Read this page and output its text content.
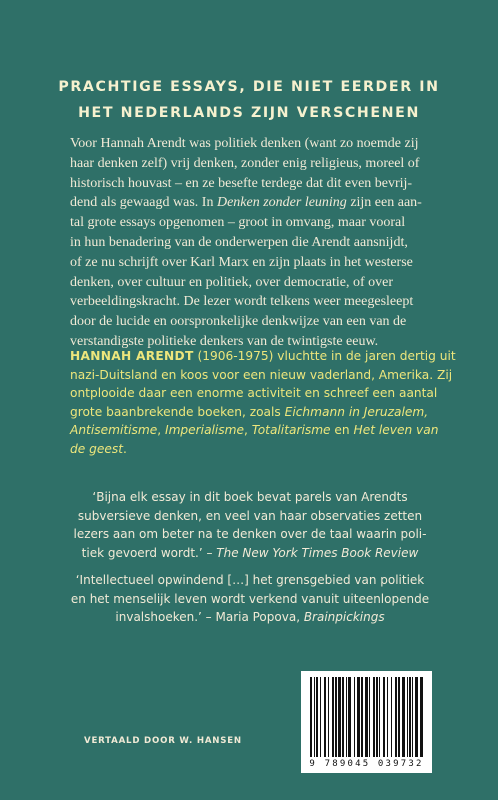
PRACHTIGE ESSAYS, DIE NIET EERDER IN
HET NEDERLANDS ZIJN VERSCHENEN
Voor Hannah Arendt was politiek denken (want zo noemde zij
haar denken zelf) vrij denken, zonder enig religieus, moreel of
historisch houvast – en ze besefte terdege dat dit even bevrij-
dend als gewaagd was. In Denken zonder leuning zijn een aan-
tal grote essays opgenomen – groot in omvang, maar vooral
in hun benadering van de onderwerpen die Arendt aansnijdt,
of ze nu schrijft over Karl Marx en zijn plaats in het westerse
denken, over cultuur en politiek, over democratie, of over
verbeeldingskracht. De lezer wordt telkens weer meegesleept
door de lucide en oorspronkelijke denkwijze van een van de
verstandigste politieke denkers van de twintigste eeuw.
HANNAH ARENDT (1906-1975) vluchtte in de jaren dertig uit
nazi-Duitsland en koos voor een nieuw vaderland, Amerika. Zij
ontplooide daar een enorme activiteit en schreef een aantal
grote baanbrekende boeken, zoals Eichmann in Jeruzalem,
Antisemitisme, Imperialisme, Totalitarisme en Het leven van
de geest.
‘Bijna elk essay in dit boek bevat parels van Arendts
subversieve denken, en veel van haar observaties zetten
lezers aan om beter na te denken over de taal waarin poli-
tiek gevoerd wordt.’ – The New York Times Book Review
‘Intellectueel opwindend […] het grensgebied van politiek
en het menselijk leven wordt verkend vanuit uiteenlopende
invalshoeken.’ – Maria Popova, Brainpickings
VERTAALD DOOR W. HANSEN
9 789045 039732
